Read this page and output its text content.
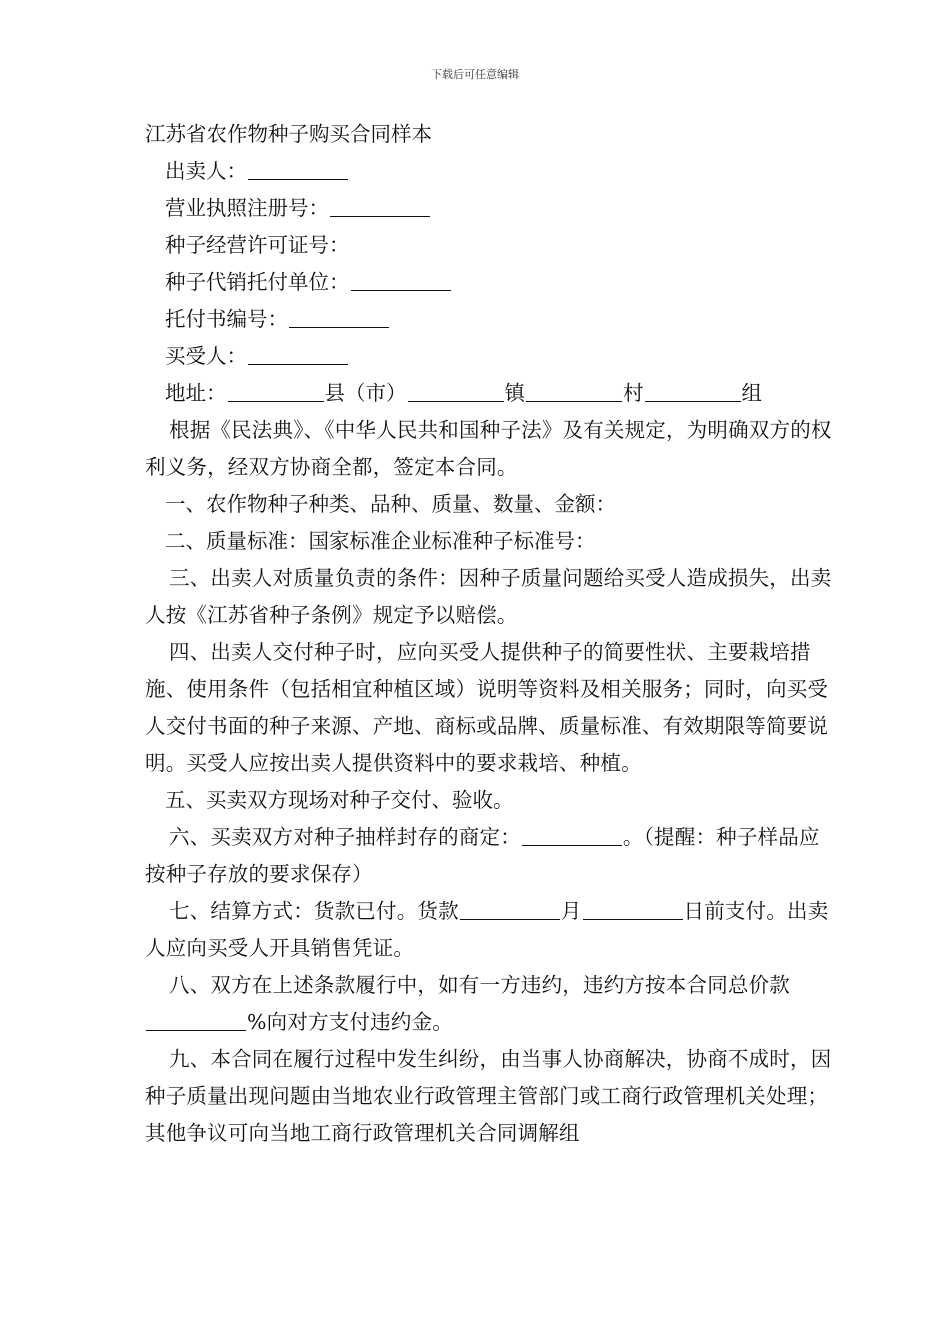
下载后可任意编辑

江苏省农作物种子购买合同样本

出卖人：

营业执照注册号：

种子经营许可证号：

种子代销托付单位：

托付书编号：

买受人：

地址：	县（市）	镇	村	组

根据《民法典》、《中华人民共和国种子法》及有关规定，为明确双方的权利义务，经双方协商全都，签定本合同。

一、农作物种子种类、品种、质量、数量、金额：

二、质量标准：国家标准企业标准种子标准号：

三、出卖人对质量负责的条件：因种子质量问题给买受人造成损失，出卖人按《江苏省种子条例》规定予以赔偿。

四、出卖人交付种子时，应向买受人提供种子的简要性状、主要栽培措施、使用条件（包括相宜种植区域）说明等资料及相关服务；同时，向买受人交付书面的种子来源、产地、商标或品牌、质量标准、有效期限等简要说明。买受人应按出卖人提供资料中的要求栽培、种植。

五、买卖双方现场对种子交付、验收。

六、买卖双方对种子抽样封存的商定：	。（提醒：种子样品应按种子存放的要求保存）

七、结算方式：货款已付。货款	月	日前支付。出卖人应向买受人开具销售凭证。

八、双方在上述条款履行中，如有一方违约，违约方按本合同总价款%向对方支付违约金。

九、本合同在履行过程中发生纠纷，由当事人协商解决，协商不成时，因种子质量出现问题由当地农业行政管理主管部门或工商行政管理机关处理；其他争议可向当地工商行政管理机关合同调解组
